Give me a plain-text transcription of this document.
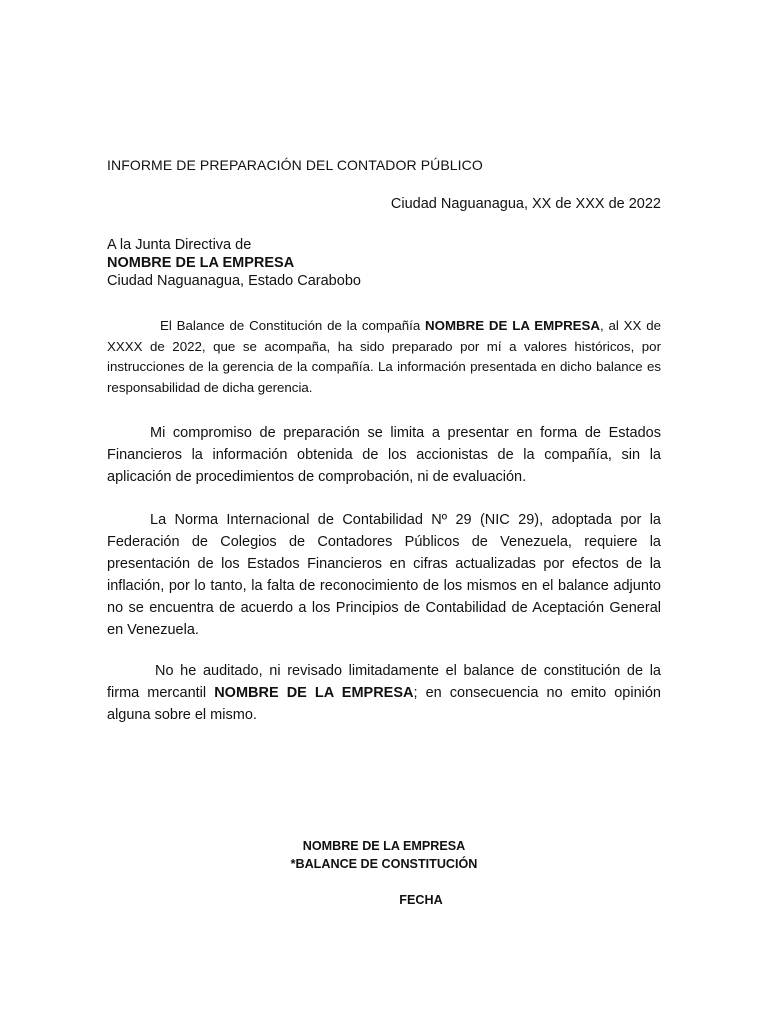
INFORME DE PREPARACIÓN DEL CONTADOR PÚBLICO

Ciudad Naguanagua, XX de XXX de 2022

A la Junta Directiva de
NOMBRE DE LA EMPRESA
Ciudad Naguanagua, Estado Carabobo

El Balance de Constitución de la compañía NOMBRE DE LA EMPRESA, al XX de XXXX de 2022, que se acompaña, ha sido preparado por mí a valores históricos, por instrucciones de la gerencia de la compañía. La información presentada en dicho balance es responsabilidad de dicha gerencia.

Mi compromiso de preparación se limita a presentar en forma de Estados Financieros la información obtenida de los accionistas de la compañía, sin la aplicación de procedimientos de comprobación, ni de evaluación.

La Norma Internacional de Contabilidad Nº 29 (NIC 29), adoptada por la Federación de Colegios de Contadores Públicos de Venezuela, requiere la presentación de los Estados Financieros en cifras actualizadas por efectos de la inflación, por lo tanto, la falta de reconocimiento de los mismos en el balance adjunto no se encuentra de acuerdo a los Principios de Contabilidad de Aceptación General en Venezuela.

No he auditado, ni revisado limitadamente el balance de constitución de la firma mercantil NOMBRE DE LA EMPRESA; en consecuencia no emito opinión alguna sobre el mismo.

NOMBRE DE LA EMPRESA

*BALANCE DE CONSTITUCIÓN

FECHA
